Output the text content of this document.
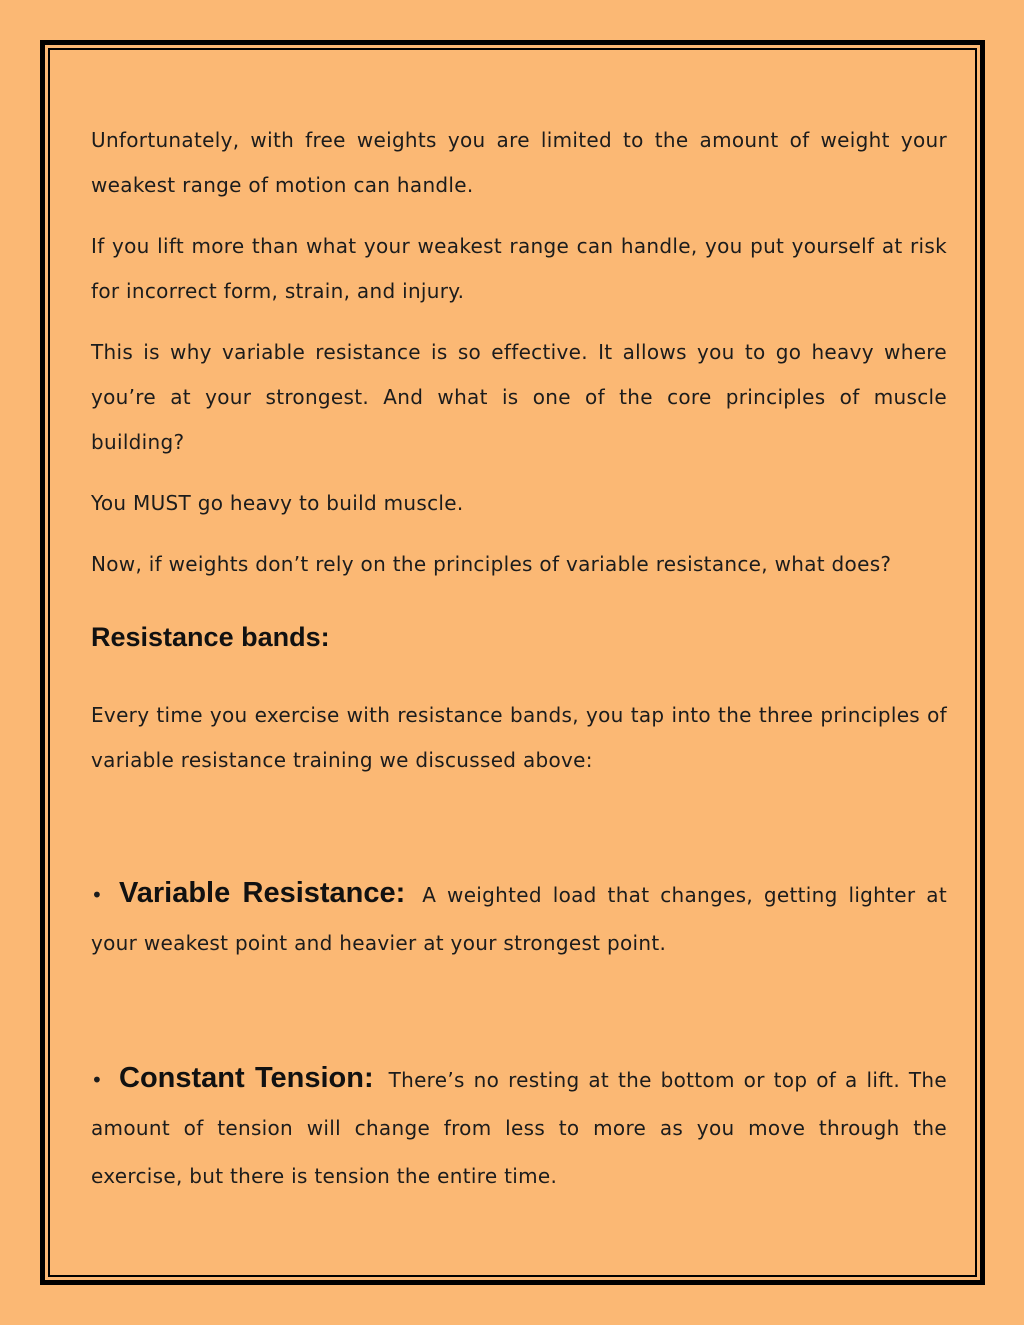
Unfortunately, with free weights you are limited to the amount of weight your weakest range of motion can handle.

If you lift more than what your weakest range can handle, you put yourself at risk for incorrect form, strain, and injury.

This is why variable resistance is so effective. It allows you to go heavy where you’re at your strongest. And what is one of the core principles of muscle building?

You MUST go heavy to build muscle.

Now, if weights don’t rely on the principles of variable resistance, what does?

Resistance bands:

Every time you exercise with resistance bands, you tap into the three principles of variable resistance training we discussed above:

• Variable Resistance: A weighted load that changes, getting lighter at your weakest point and heavier at your strongest point.

• Constant Tension: There’s no resting at the bottom or top of a lift. The amount of tension will change from less to more as you move through the exercise, but there is tension the entire time.
